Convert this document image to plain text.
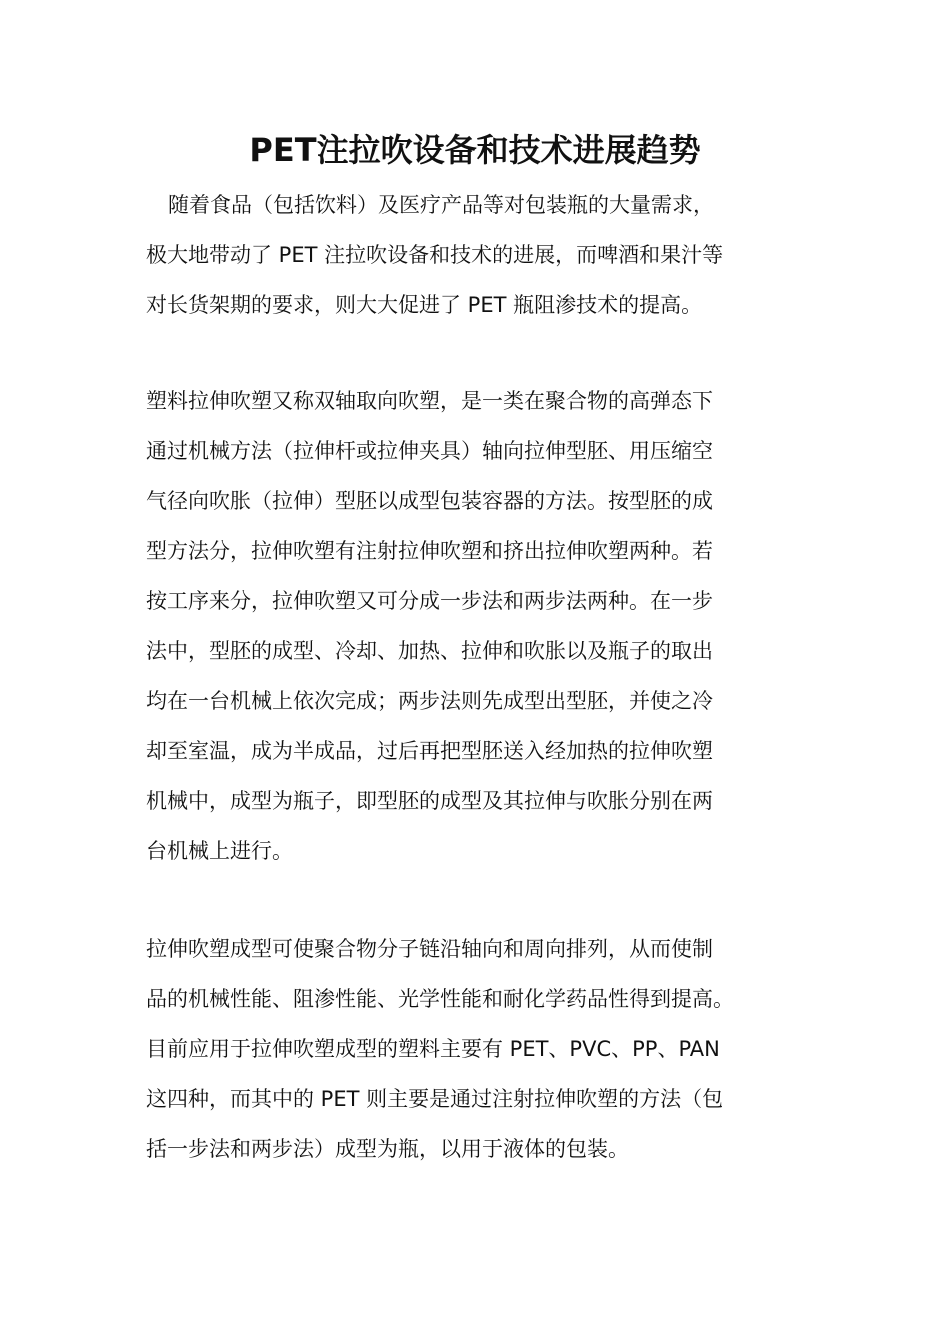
PET注拉吹设备和技术进展趋势
随着食品（包括饮料）及医疗产品等对包装瓶的大量需求，
极大地带动了 PET 注拉吹设备和技术的进展，而啤酒和果汁等
对长货架期的要求，则大大促进了 PET 瓶阻渗技术的提高。
塑料拉伸吹塑又称双轴取向吹塑，是一类在聚合物的高弹态下
通过机械方法（拉伸杆或拉伸夹具）轴向拉伸型胚、用压缩空
气径向吹胀（拉伸）型胚以成型包装容器的方法。按型胚的成
型方法分，拉伸吹塑有注射拉伸吹塑和挤出拉伸吹塑两种。若
按工序来分，拉伸吹塑又可分成一步法和两步法两种。在一步
法中，型胚的成型、冷却、加热、拉伸和吹胀以及瓶子的取出
均在一台机械上依次完成；两步法则先成型出型胚，并使之冷
却至室温，成为半成品，过后再把型胚送入经加热的拉伸吹塑
机械中，成型为瓶子，即型胚的成型及其拉伸与吹胀分别在两
台机械上进行。
拉伸吹塑成型可使聚合物分子链沿轴向和周向排列，从而使制
品的机械性能、阻渗性能、光学性能和耐化学药品性得到提高。
目前应用于拉伸吹塑成型的塑料主要有 PET、PVC、PP、PAN
这四种，而其中的 PET 则主要是通过注射拉伸吹塑的方法（包
括一步法和两步法）成型为瓶，以用于液体的包装。
